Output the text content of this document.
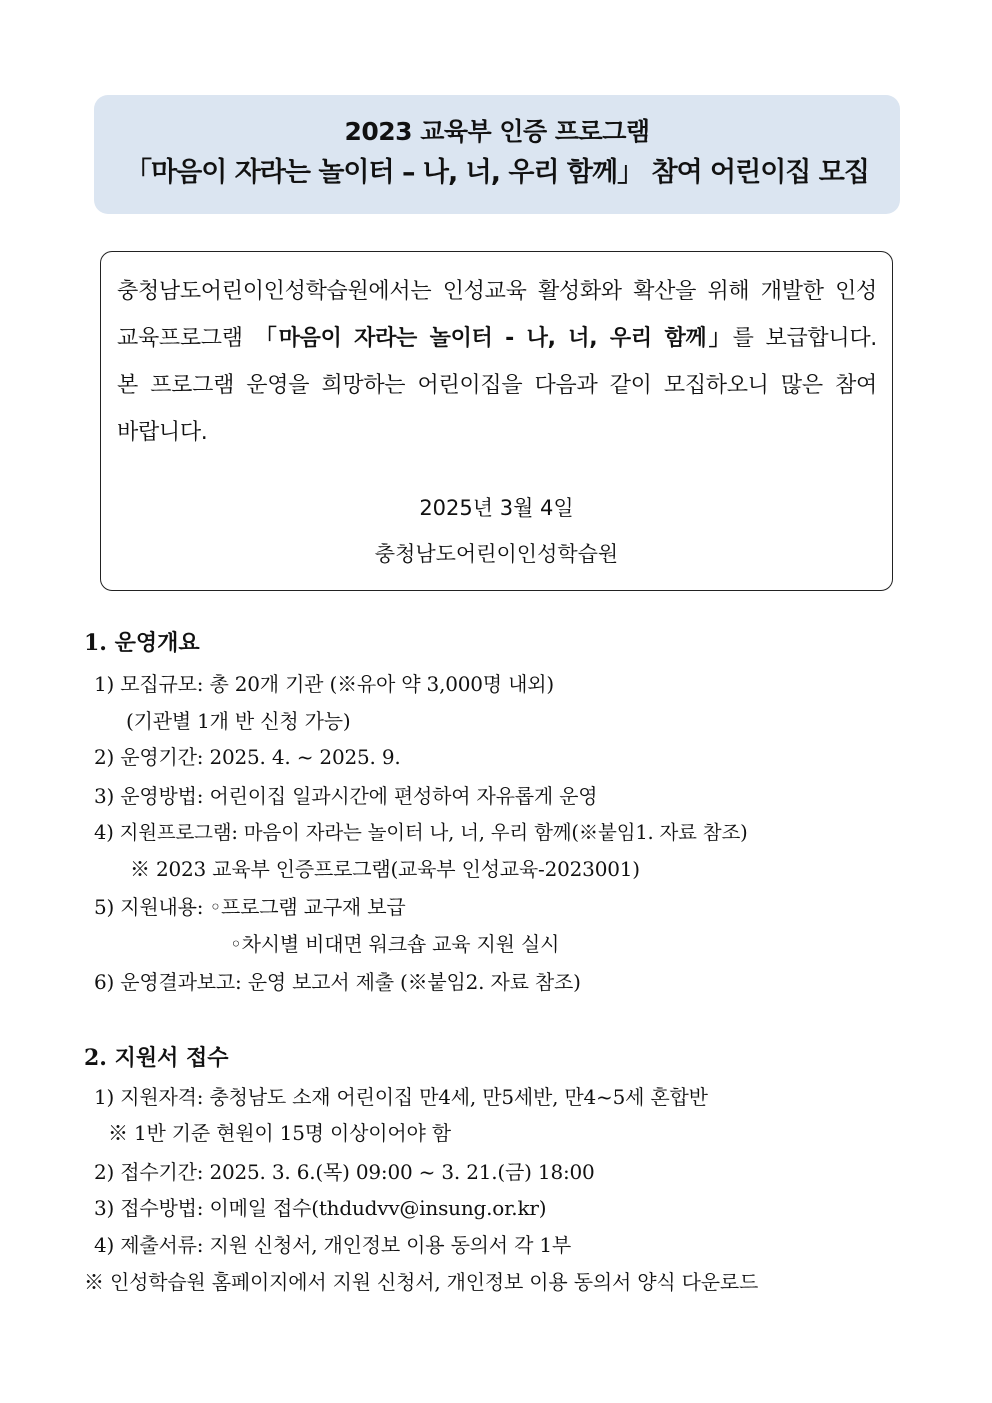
2023 교육부 인증 프로그램
「마음이 자라는 놀이터 – 나, 너, 우리 함께」 참여 어린이집 모집
충청남도어린이인성학습원에서는 인성교육 활성화와 확산을 위해 개발한 인성교육프로그램 「마음이 자라는 놀이터 - 나, 너, 우리 함께」를 보급합니다. 본 프로그램 운영을 희망하는 어린이집을 다음과 같이 모집하오니 많은 참여 바랍니다.
2025년 3월 4일
충청남도어린이인성학습원
1. 운영개요
1) 모집규모: 총 20개 기관 (※유아 약 3,000명 내외)
(기관별 1개 반 신청 가능)
2) 운영기간: 2025. 4. ~ 2025. 9.
3) 운영방법: 어린이집 일과시간에 편성하여 자유롭게 운영
4) 지원프로그램: 마음이 자라는 놀이터 나, 너, 우리 함께(※붙임1. 자료 참조)
※ 2023 교육부 인증프로그램(교육부 인성교육-2023001)
5) 지원내용: ◦프로그램 교구재 보급
◦차시별 비대면 워크숍 교육 지원 실시
6) 운영결과보고: 운영 보고서 제출 (※붙임2. 자료 참조)
2. 지원서 접수
1) 지원자격: 충청남도 소재 어린이집 만4세, 만5세반, 만4~5세 혼합반
※ 1반 기준 현원이 15명 이상이어야 함
2) 접수기간: 2025. 3. 6.(목) 09:00 ~ 3. 21.(금) 18:00
3) 접수방법: 이메일 접수(thdudvv@insung.or.kr)
4) 제출서류: 지원 신청서, 개인정보 이용 동의서 각 1부
※ 인성학습원 홈페이지에서 지원 신청서, 개인정보 이용 동의서 양식 다운로드
